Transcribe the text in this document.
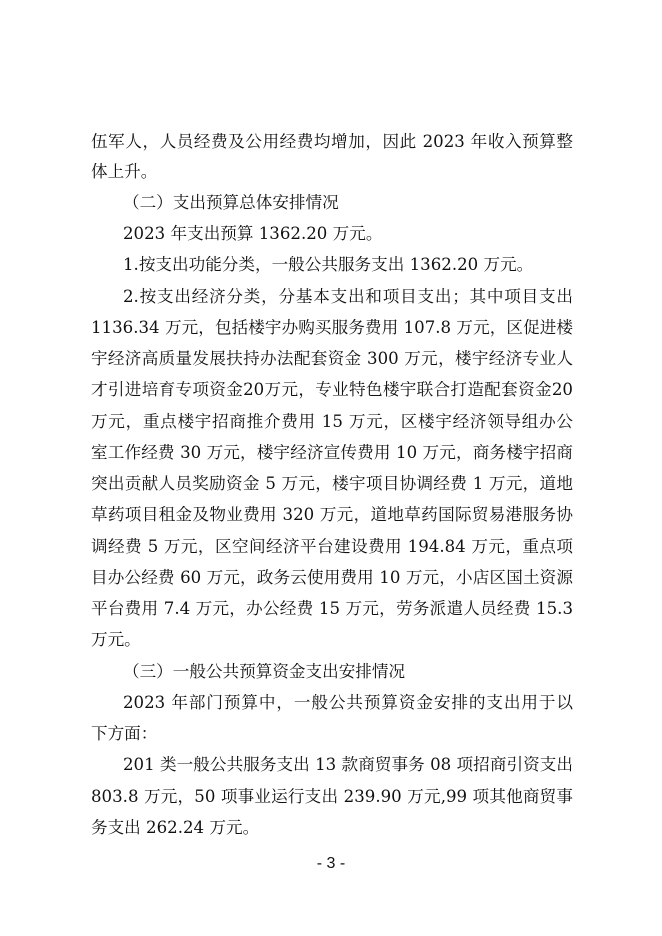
伍军人，人员经费及公用经费均增加，因此 2023 年收入预算整
体上升。
（二）支出预算总体安排情况
2023 年支出预算 1362.20 万元。
1.按支出功能分类，一般公共服务支出 1362.20 万元。
2.按支出经济分类，分基本支出和项目支出；其中项目支出
1136.34 万元，包括楼宇办购买服务费用 107.8 万元，区促进楼
宇经济高质量发展扶持办法配套资金 300 万元，楼宇经济专业人
才引进培育专项资金20万元，专业特色楼宇联合打造配套资金20
万元，重点楼宇招商推介费用 15 万元，区楼宇经济领导组办公
室工作经费 30 万元，楼宇经济宣传费用 10 万元，商务楼宇招商
突出贡献人员奖励资金 5 万元，楼宇项目协调经费 1 万元，道地
草药项目租金及物业费用 320 万元，道地草药国际贸易港服务协
调经费 5 万元，区空间经济平台建设费用 194.84 万元，重点项
目办公经费 60 万元，政务云使用费用 10 万元，小店区国土资源
平台费用 7.4 万元，办公经费 15 万元，劳务派遣人员经费 15.3
万元。
（三）一般公共预算资金支出安排情况
2023 年部门预算中，一般公共预算资金安排的支出用于以
下方面：
201 类一般公共服务支出 13 款商贸事务 08 项招商引资支出
803.8 万元，50 项事业运行支出 239.90 万元,99 项其他商贸事
务支出 262.24 万元。
- 3 -
